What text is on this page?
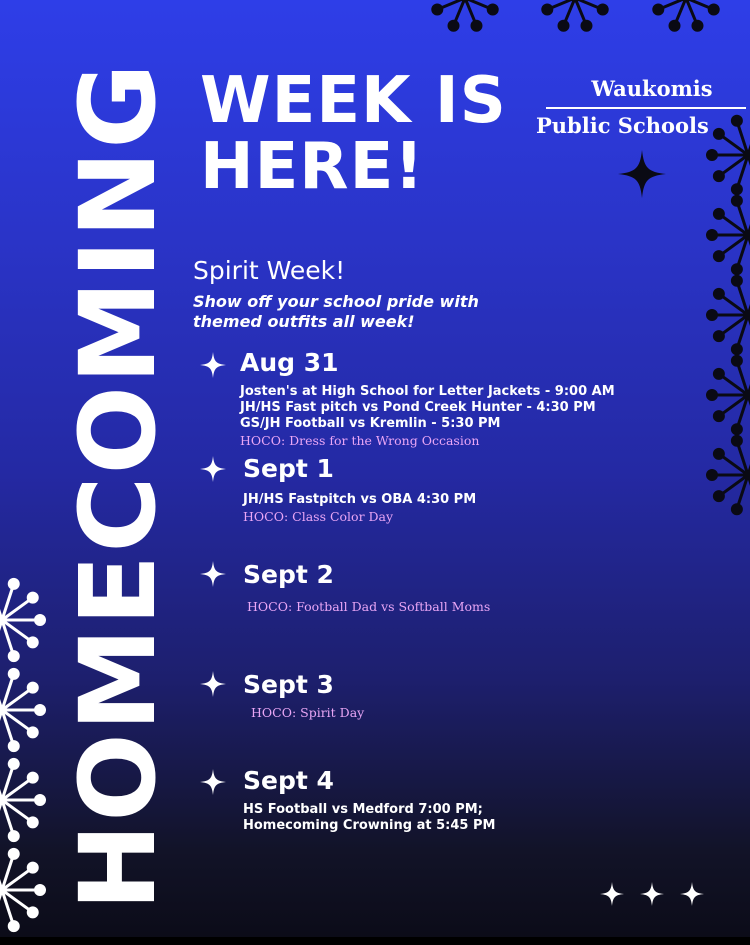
HOMECOMING WEEK IS
HERE!
Waukomis
Public Schools
Spirit Week!
Show off your school pride with themed outfits all week!
Aug 31
Josten's at High School for Letter Jackets - 9:00 AM
JH/HS Fast pitch vs Pond Creek Hunter - 4:30 PM
GS/JH Football vs Kremlin - 5:30 PM
HOCO: Dress for the Wrong Occasion
Sept 1
JH/HS Fastpitch vs OBA 4:30 PM
HOCO: Class Color Day
Sept 2
HOCO: Football Dad vs Softball Moms
Sept 3
HOCO: Spirit Day
Sept 4
HS Football vs Medford 7:00 PM;
Homecoming Crowning at 5:45 PM
